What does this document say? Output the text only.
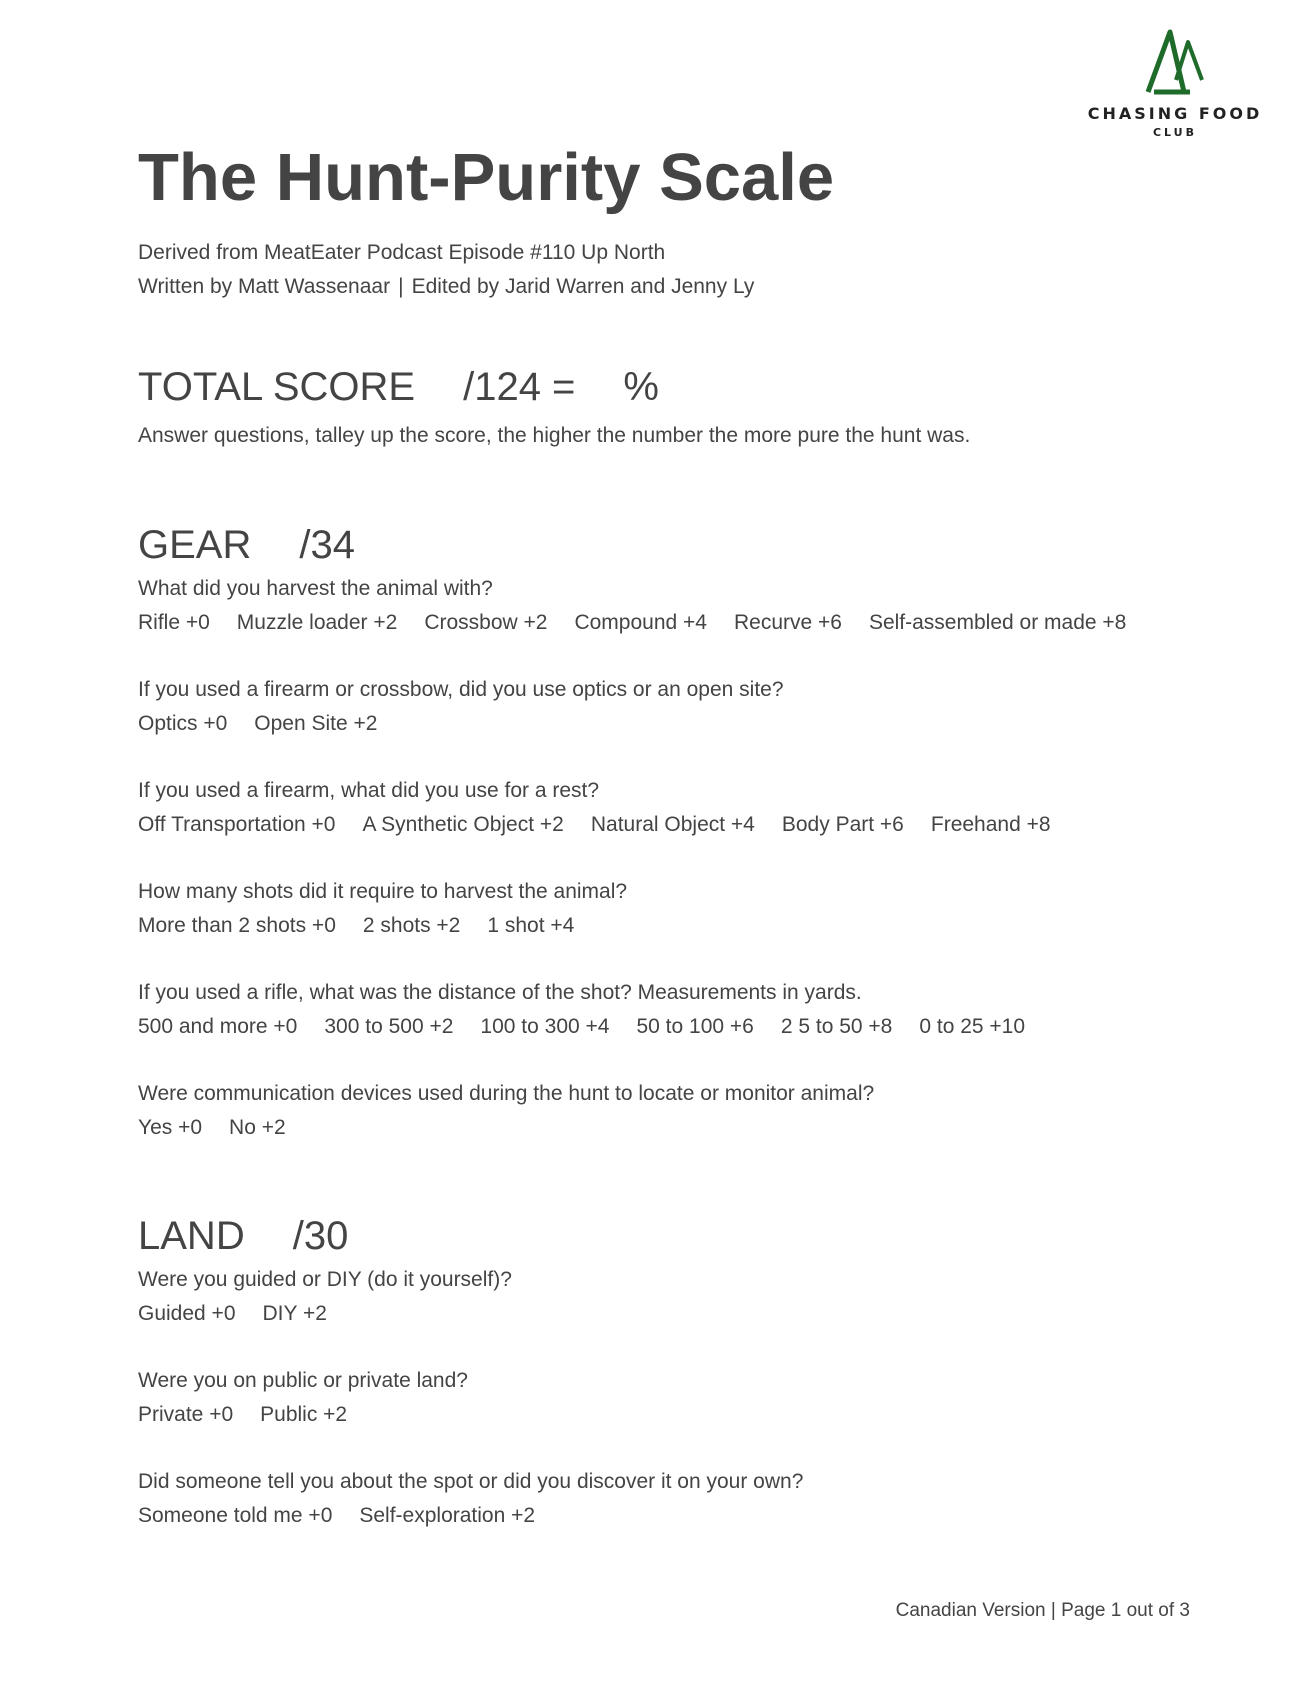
CHASING FOOD
CLUB
The Hunt-Purity Scale
Derived from MeatEater Podcast Episode #110 Up North
Written by Matt Wassenaar | Edited by Jarid Warren and Jenny Ly
TOTAL SCORE /124 = %
Answer questions, talley up the score, the higher the number the more pure the hunt was.
GEAR /34
What did you harvest the animal with?
Rifle +0 Muzzle loader +2 Crossbow +2 Compound +4 Recurve +6 Self-assembled or made +8
If you used a firearm or crossbow, did you use optics or an open site?
Optics +0 Open Site +2
If you used a firearm, what did you use for a rest?
Off Transportation +0 A Synthetic Object +2 Natural Object +4 Body Part +6 Freehand +8
How many shots did it require to harvest the animal?
More than 2 shots +0 2 shots +2 1 shot +4
If you used a rifle, what was the distance of the shot? Measurements in yards.
500 and more +0 300 to 500 +2 100 to 300 +4 50 to 100 +6 2 5 to 50 +8 0 to 25 +10
Were communication devices used during the hunt to locate or monitor animal?
Yes +0 No +2
LAND /30
Were you guided or DIY (do it yourself)?
Guided +0 DIY +2
Were you on public or private land?
Private +0 Public +2
Did someone tell you about the spot or did you discover it on your own?
Someone told me +0 Self-exploration +2
Canadian Version | Page 1 out of 3
